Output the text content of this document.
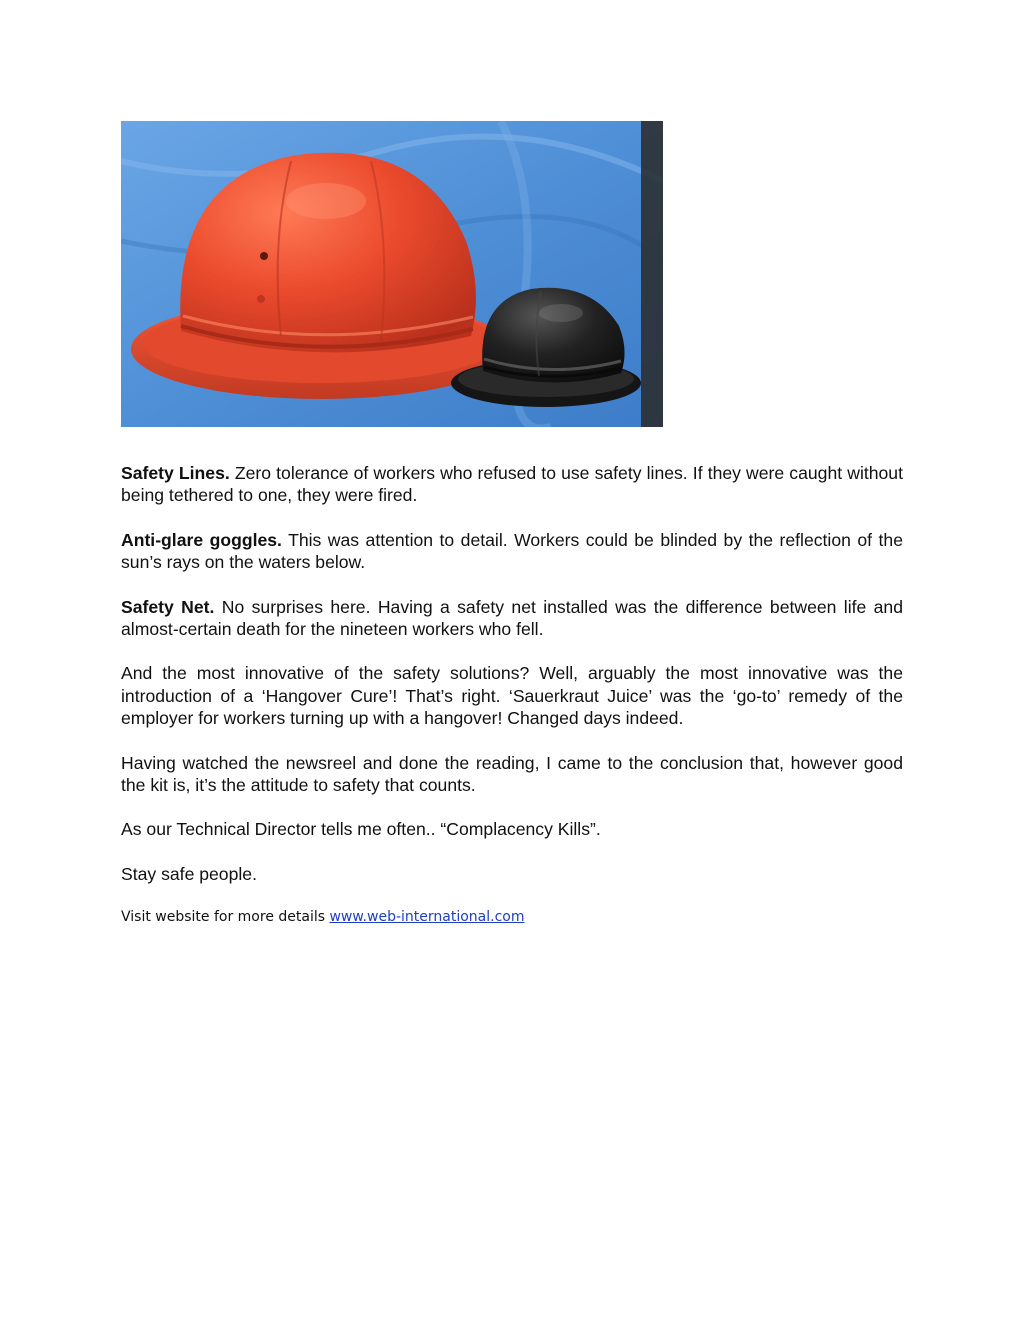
Safety Lines. Zero tolerance of workers who refused to use safety lines. If they were caught without being tethered to one, they were fired.

Anti-glare goggles. This was attention to detail. Workers could be blinded by the reflection of the sun’s rays on the waters below.

Safety Net. No surprises here. Having a safety net installed was the difference between life and almost-certain death for the nineteen workers who fell.

And the most innovative of the safety solutions? Well, arguably the most innovative was the introduction of a ‘Hangover Cure’! That’s right. ‘Sauerkraut Juice’ was the ‘go-to’ remedy of the employer for workers turning up with a hangover! Changed days indeed.

Having watched the newsreel and done the reading, I came to the conclusion that, however good the kit is, it’s the attitude to safety that counts.

As our Technical Director tells me often.. “Complacency Kills”.

Stay safe people.

Visit website for more details www.web-international.com
